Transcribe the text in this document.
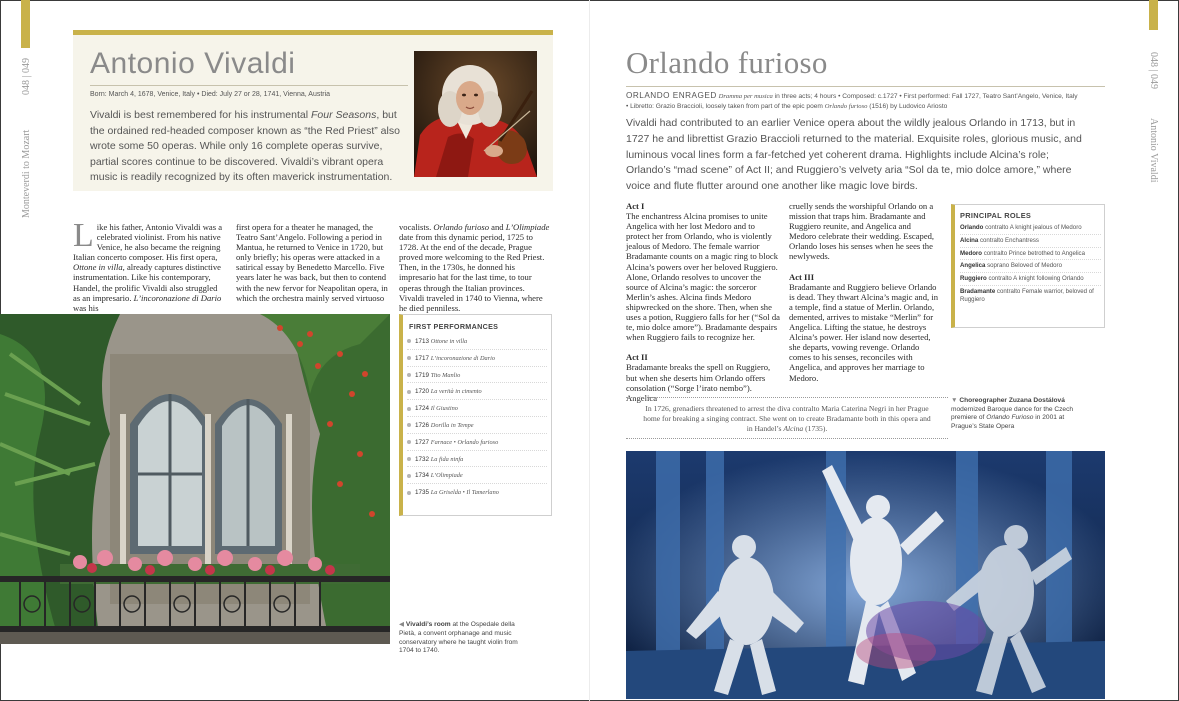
048 | 049
Monteverdi to Mozart
048 | 049
Antonio Vivaldi
Antonio Vivaldi
Born: March 4, 1678, Venice, Italy • Died: July 27 or 28, 1741, Vienna, Austria

Vivaldi is best remembered for his instrumental Four Seasons, but the ordained red-headed composer known as “the Red Priest” also wrote some 50 operas. While only 16 complete operas survive, partial scores continue to be discovered. Vivaldi’s vibrant opera music is readily recognized by its often maverick instrumentation.

Like his father, Antonio Vivaldi was a celebrated violinist. From his native Venice, he also became the reigning Italian concerto composer. His first opera, Ottone in villa, already captures distinctive instrumentation. Like his contemporary, Handel, the prolific Vivaldi also struggled as an impresario. L’incoronazione di Dario was his
first opera for a theater he managed, the Teatro Sant’Angelo. Following a period in Mantua, he returned to Venice in 1720, but only briefly; his operas were attacked in a satirical essay by Benedetto Marcello. Five years later he was back, but then to contend with the new fervor for Neapolitan opera, in which the orchestra mainly served virtuoso
vocalists. Orlando furioso and L’Olimpiade date from this dynamic period, 1725 to 1728. At the end of the decade, Prague proved more welcoming to the Red Priest. Then, in the 1730s, he donned his impresario hat for the last time, to tour operas through the Italian provinces. Vivaldi traveled in 1740 to Vienna, where he died penniless.
FIRST PERFORMANCES
1713 Ottone in villa
1717 L’incoronazione di Dario
1719 Tito Manlio
1720 La verità in cimento
1724 Il Giustino
1726 Dorilla in Tempe
1727 Farnace • Orlando furioso
1732 La fida ninfa
1734 L’Olimpiade
1735 La Griselda • Il Tamerlano

◀ Vivaldi’s room at the Ospedale della Pietà, a convent orphanage and music conservatory where he taught violin from 1704 to 1740.

Orlando furioso
ORLANDO ENRAGED Dramma per musica in three acts; 4 hours • Composed: c.1727 • First performed: Fall 1727, Teatro Sant’Angelo, Venice, Italy
• Libretto: Grazio Braccioli, loosely taken from part of the epic poem Orlando furioso (1516) by Ludovico Ariosto

Vivaldi had contributed to an earlier Venice opera about the wildly jealous Orlando in 1713, but in 1727 he and librettist Grazio Braccioli returned to the material. Exquisite roles, glorious music, and luminous vocal lines form a far-fetched yet coherent drama. Highlights include Alcina’s role; Orlando’s “mad scene” of Act II; and Ruggiero’s velvety aria “Sol da te, mio dolce amore,” where voice and flute flutter around one another like magic love birds.

Act I
The enchantress Alcina promises to unite Angelica with her lost Medoro and to protect her from Orlando, who is violently jealous of Medoro. The female warrior Bradamante counts on a magic ring to block Alcina’s powers over her beloved Ruggiero. Alone, Orlando resolves to uncover the source of Alcina’s magic: the sorceror Merlin’s ashes. Alcina finds Medoro shipwrecked on the shore. Then, when she uses a potion, Ruggiero falls for her (“Sol da te, mio dolce amore”). Bradamante despairs when Ruggiero fails to recognize her.
Act II
Bradamante breaks the spell on Ruggiero, but when she deserts him Orlando offers consolation (“Sorge l’irato nembo”). Angelica
cruelly sends the worshipful Orlando on a mission that traps him. Bradamante and Ruggiero reunite, and Angelica and Medoro celebrate their wedding. Escaped, Orlando loses his senses when he sees the newlyweds.
Act III
Bradamante and Ruggiero believe Orlando is dead. They thwart Alcina’s magic and, in a temple, find a statue of Merlin. Orlando, demented, arrives to mistake “Merlin” for Angelica. Lifting the statue, he destroys Alcina’s power. Her island now deserted, she departs, vowing revenge. Orlando comes to his senses, reconciles with Angelica, and approves her marriage to Medoro.
PRINCIPAL ROLES
Orlando contralto A knight jealous of Medoro
Alcina contralto Enchantress
Medoro contralto Prince betrothed to Angelica
Angelica soprano Beloved of Medoro
Ruggiero contralto A knight following Orlando
Bradamante contralto Female warrior, beloved of Ruggiero

In 1726, grenadiers threatened to arrest the diva contralto Maria Caterina Negri in her Prague home for breaking a singing contract. She went on to create Bradamante both in this opera and in Handel’s Alcina (1735).

▼ Choreographer Zuzana Dostálová modernized Baroque dance for the Czech premiere of Orlando Furioso in 2001 at Prague’s State Opera
